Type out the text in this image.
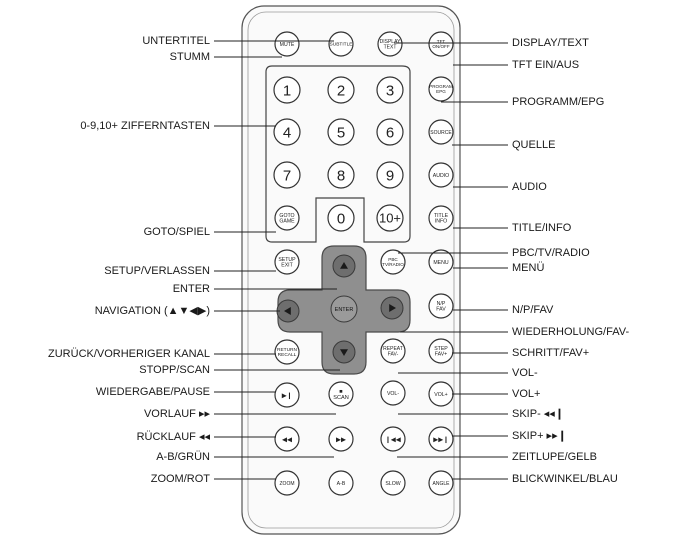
MUTE	SUBTITLE
DISPLAY
TEXT
TFT
ON/OFF
1	2	3
4	5	6
7	8	9
0	10+
PROGRAM
EPG
SOURCE
AUDIO
TITLE
INFO
GOTO
GAME
SETUP
EXIT
PBC
TV/RADIO	MENU
N/P
FAV
ENTER
RETURN
RECALL
REPEAT
FAV-
STEP
FAV+
▶❙
■
SCAN
VOL-	VOL+
◀◀	▶▶	❙◀◀	▶▶❙
ZOOM	A-B	SLOW	ANGLE
UNTERTITEL
STUMM
0-9,10+ ZIFFERNTASTEN
GOTO/SPIEL
SETUP/VERLASSEN
ENTER
NAVIGATION (▲▼◀▶)
ZURÜCK/VORHERIGER KANAL
STOPP/SCAN
WIEDERGABE/PAUSE
VORLAUF ▸▸
RÜCKLAUF ◂◂
A-B/GRÜN
ZOOM/ROT
DISPLAY/TEXT
TFT EIN/AUS
PROGRAMM/EPG
QUELLE
AUDIO
TITLE/INFO
PBC/TV/RADIO
MENÜ
N/P/FAV
WIEDERHOLUNG/FAV-
SCHRITT/FAV+
VOL-
VOL+
SKIP- ◂◂❙
SKIP+ ▸▸❙
ZEITLUPE/GELB
BLICKWINKEL/BLAU
